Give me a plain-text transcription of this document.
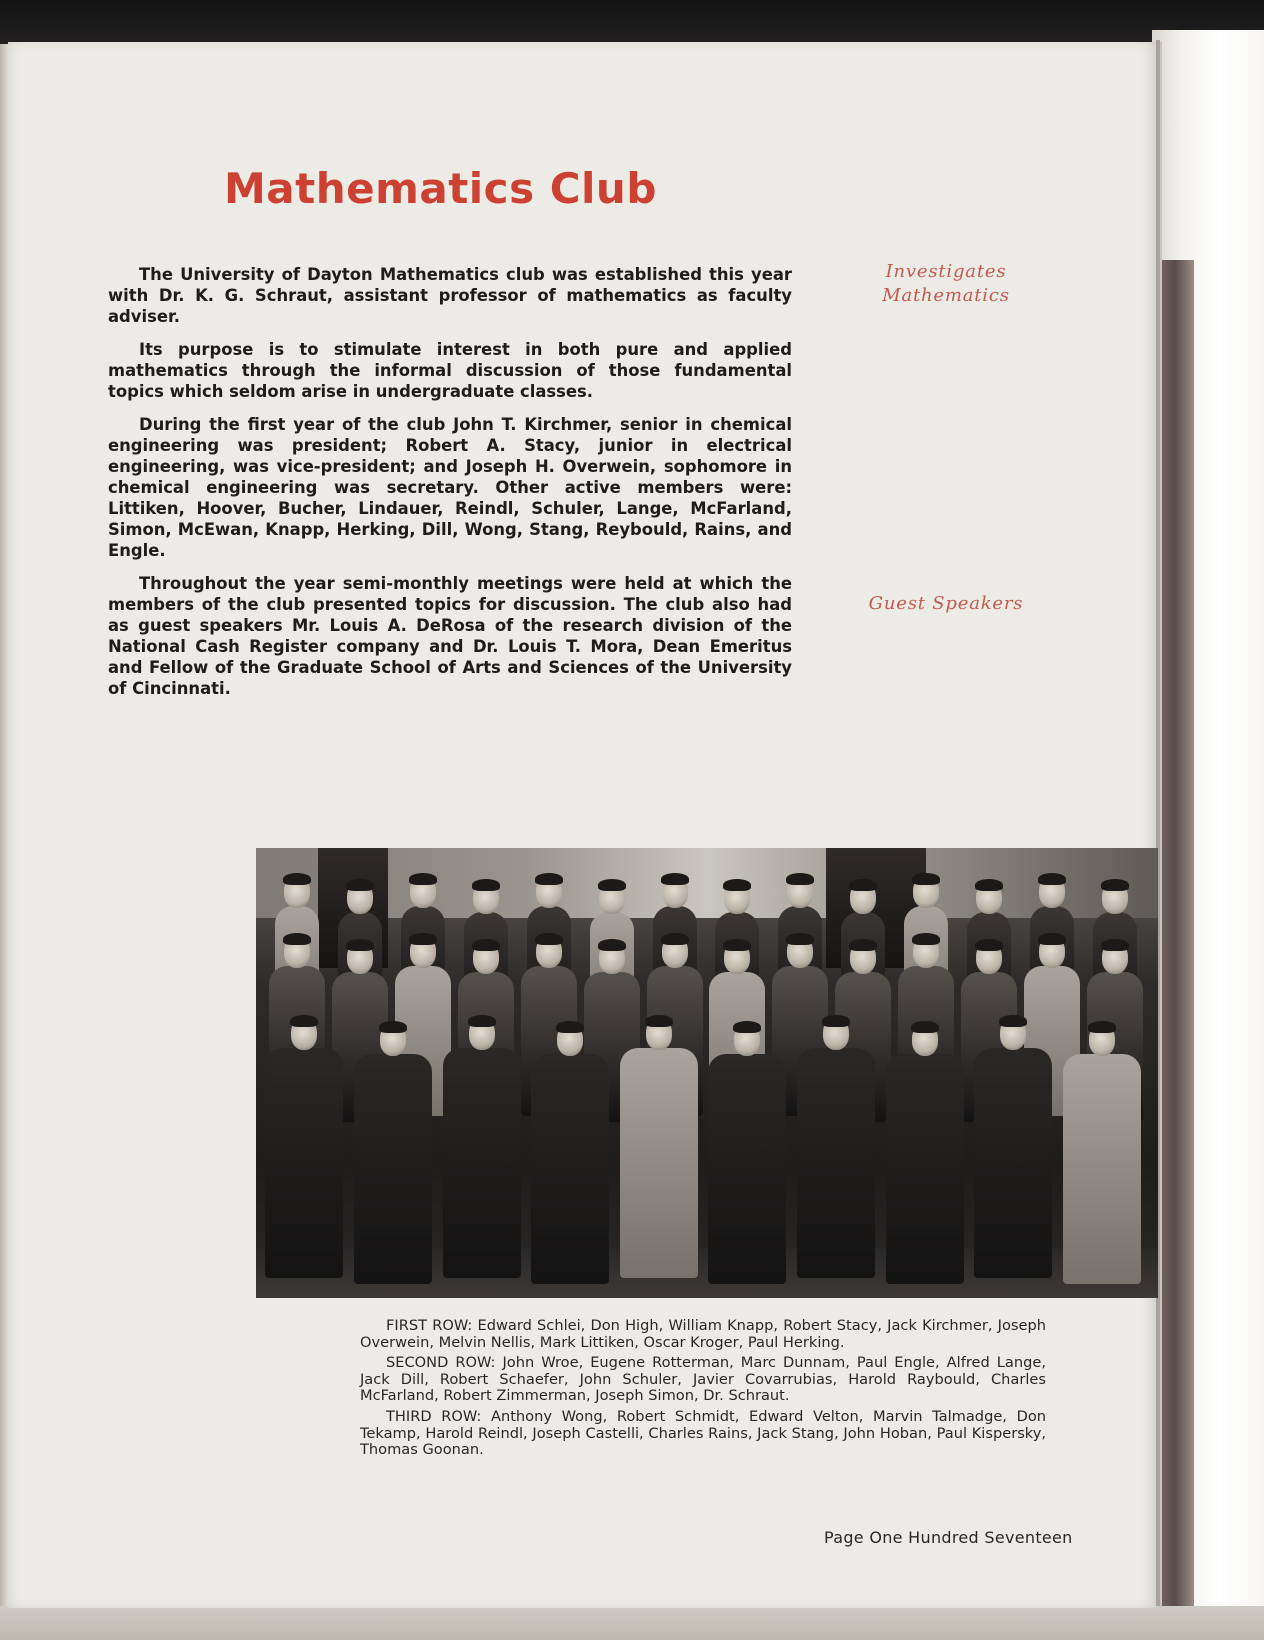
Mathematics Club

The University of Dayton Mathematics club was established this year with Dr. K. G. Schraut, assistant professor of mathematics as faculty adviser.

Its purpose is to stimulate interest in both pure and applied mathematics through the informal discussion of those fundamental topics which seldom arise in undergraduate classes.

During the first year of the club John T. Kirchmer, senior in chemical engineering was president; Robert A. Stacy, junior in electrical engineering, was vice-president; and Joseph H. Overwein, sophomore in chemical engineering was secretary. Other active members were: Littiken, Hoover, Bucher, Lindauer, Reindl, Schuler, Lange, McFarland, Simon, McEwan, Knapp, Herking, Dill, Wong, Stang, Reybould, Rains, and Engle.

Throughout the year semi-monthly meetings were held at which the members of the club presented topics for discussion. The club also had as guest speakers Mr. Louis A. DeRosa of the research division of the National Cash Register company and Dr. Louis T. Mora, Dean Emeritus and Fellow of the Graduate School of Arts and Sciences of the University of Cincinnati.

Investigates Mathematics
Guest Speakers

FIRST ROW: Edward Schlei, Don High, William Knapp, Robert Stacy, Jack Kirchmer, Joseph Overwein, Melvin Nellis, Mark Littiken, Oscar Kroger, Paul Herking.

SECOND ROW: John Wroe, Eugene Rotterman, Marc Dunnam, Paul Engle, Alfred Lange, Jack Dill, Robert Schaefer, John Schuler, Javier Covarrubias, Harold Raybould, Charles McFarland, Robert Zimmerman, Joseph Simon, Dr. Schraut.

THIRD ROW: Anthony Wong, Robert Schmidt, Edward Velton, Marvin Talmadge, Don Tekamp, Harold Reindl, Joseph Castelli, Charles Rains, Jack Stang, John Hoban, Paul Kispersky, Thomas Goonan.

Page One Hundred Seventeen
